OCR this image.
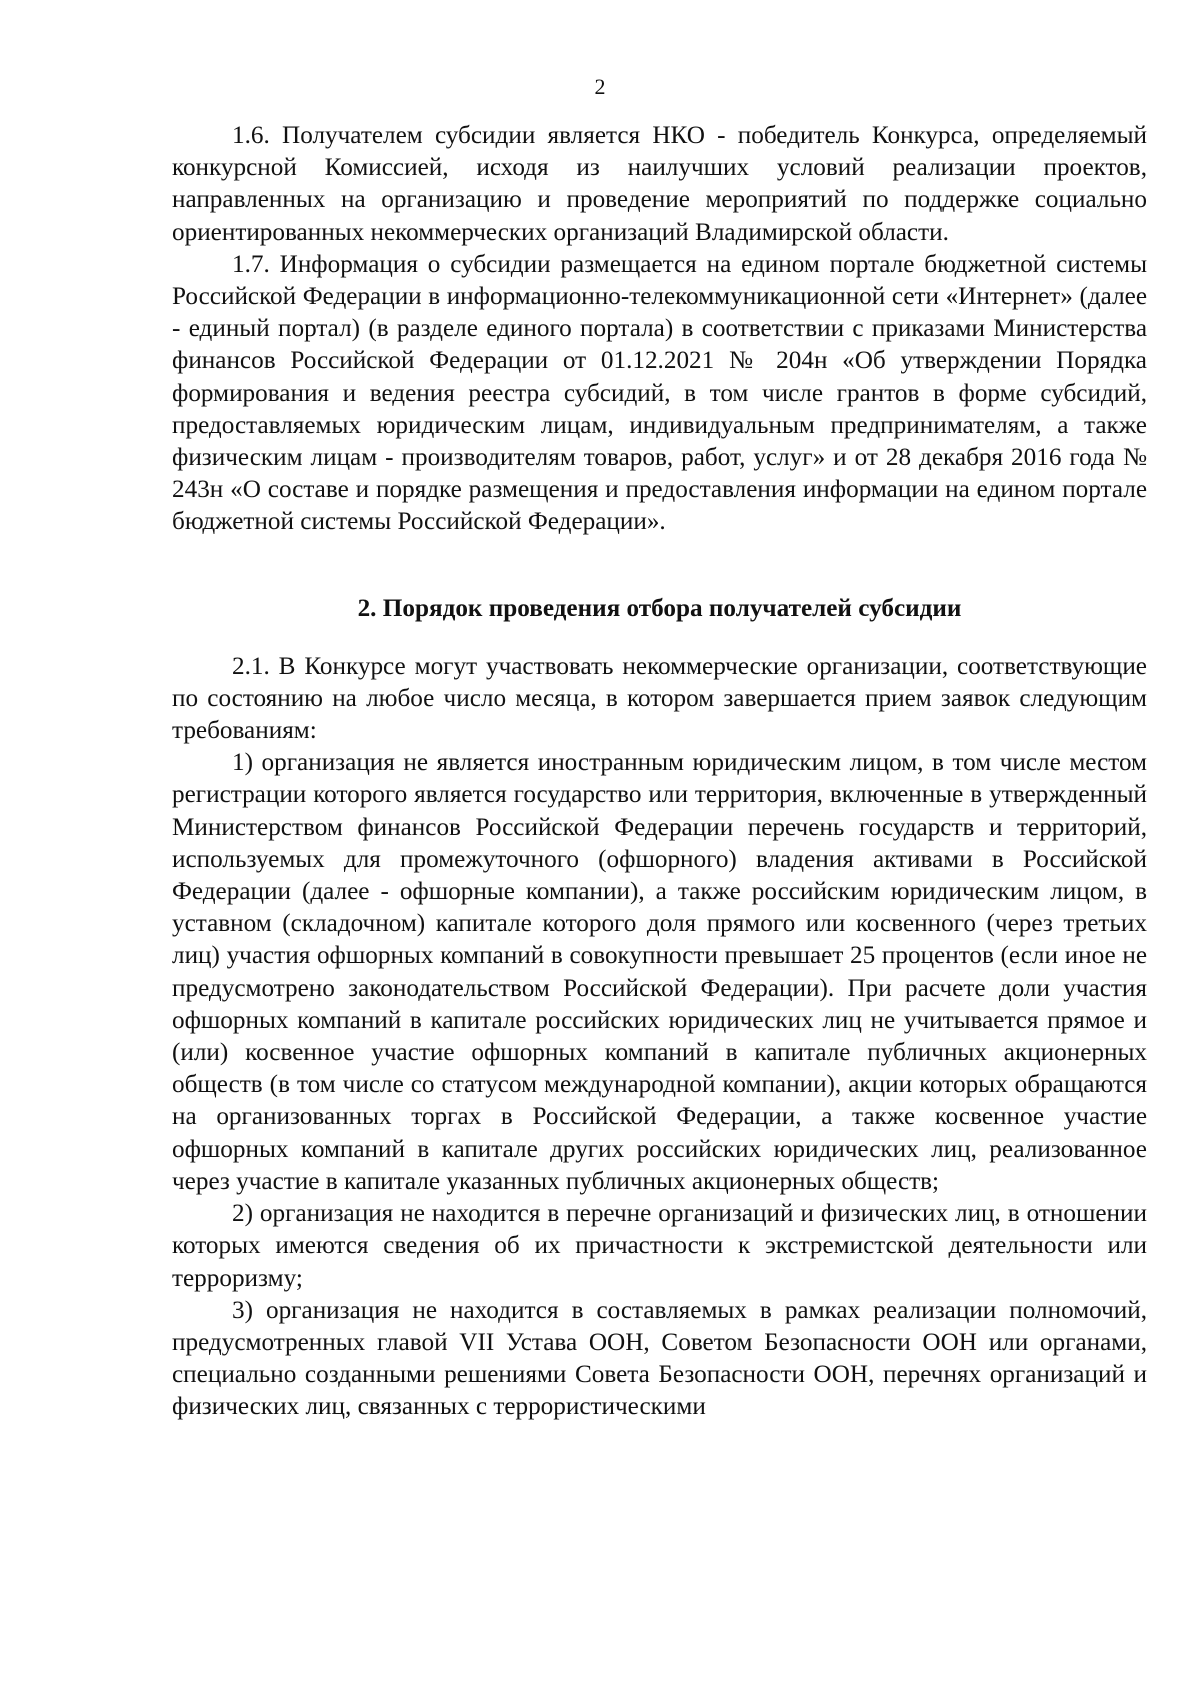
2

1.6. Получателем субсидии является НКО - победитель Конкурса, определяемый конкурсной Комиссией, исходя из наилучших условий реализации проектов, направленных на организацию и проведение мероприятий по поддержке социально ориентированных некоммерческих организаций Владимирской области.

1.7. Информация о субсидии размещается на едином портале бюджетной системы Российской Федерации в информационно-телекоммуникационной сети «Интернет» (далее - единый портал) (в разделе единого портала) в соответствии с приказами Министерства финансов Российской Федерации от 01.12.2021 № 204н «Об утверждении Порядка формирования и ведения реестра субсидий, в том числе грантов в форме субсидий, предоставляемых юридическим лицам, индивидуальным предпринимателям, а также физическим лицам - производителям товаров, работ, услуг» и от 28 декабря 2016 года № 243н «О составе и порядке размещения и предоставления информации на едином портале бюджетной системы Российской Федерации».

2. Порядок проведения отбора получателей субсидии

2.1. В Конкурсе могут участвовать некоммерческие организации, соответствующие по состоянию на любое число месяца, в котором завершается прием заявок следующим требованиям:

1) организация не является иностранным юридическим лицом, в том числе местом регистрации которого является государство или территория, включенные в утвержденный Министерством финансов Российской Федерации перечень государств и территорий, используемых для промежуточного (офшорного) владения активами в Российской Федерации (далее - офшорные компании), а также российским юридическим лицом, в уставном (складочном) капитале которого доля прямого или косвенного (через третьих лиц) участия офшорных компаний в совокупности превышает 25 процентов (если иное не предусмотрено законодательством Российской Федерации). При расчете доли участия офшорных компаний в капитале российских юридических лиц не учитывается прямое и (или) косвенное участие офшорных компаний в капитале публичных акционерных обществ (в том числе со статусом международной компании), акции которых обращаются на организованных торгах в Российской Федерации, а также косвенное участие офшорных компаний в капитале других российских юридических лиц, реализованное через участие в капитале указанных публичных акционерных обществ;

2) организация не находится в перечне организаций и физических лиц, в отношении которых имеются сведения об их причастности к экстремистской деятельности или терроризму;

3) организация не находится в составляемых в рамках реализации полномочий, предусмотренных главой VII Устава ООН, Советом Безопасности ООН или органами, специально созданными решениями Совета Безопасности ООН, перечнях организаций и физических лиц, связанных с террористическими
